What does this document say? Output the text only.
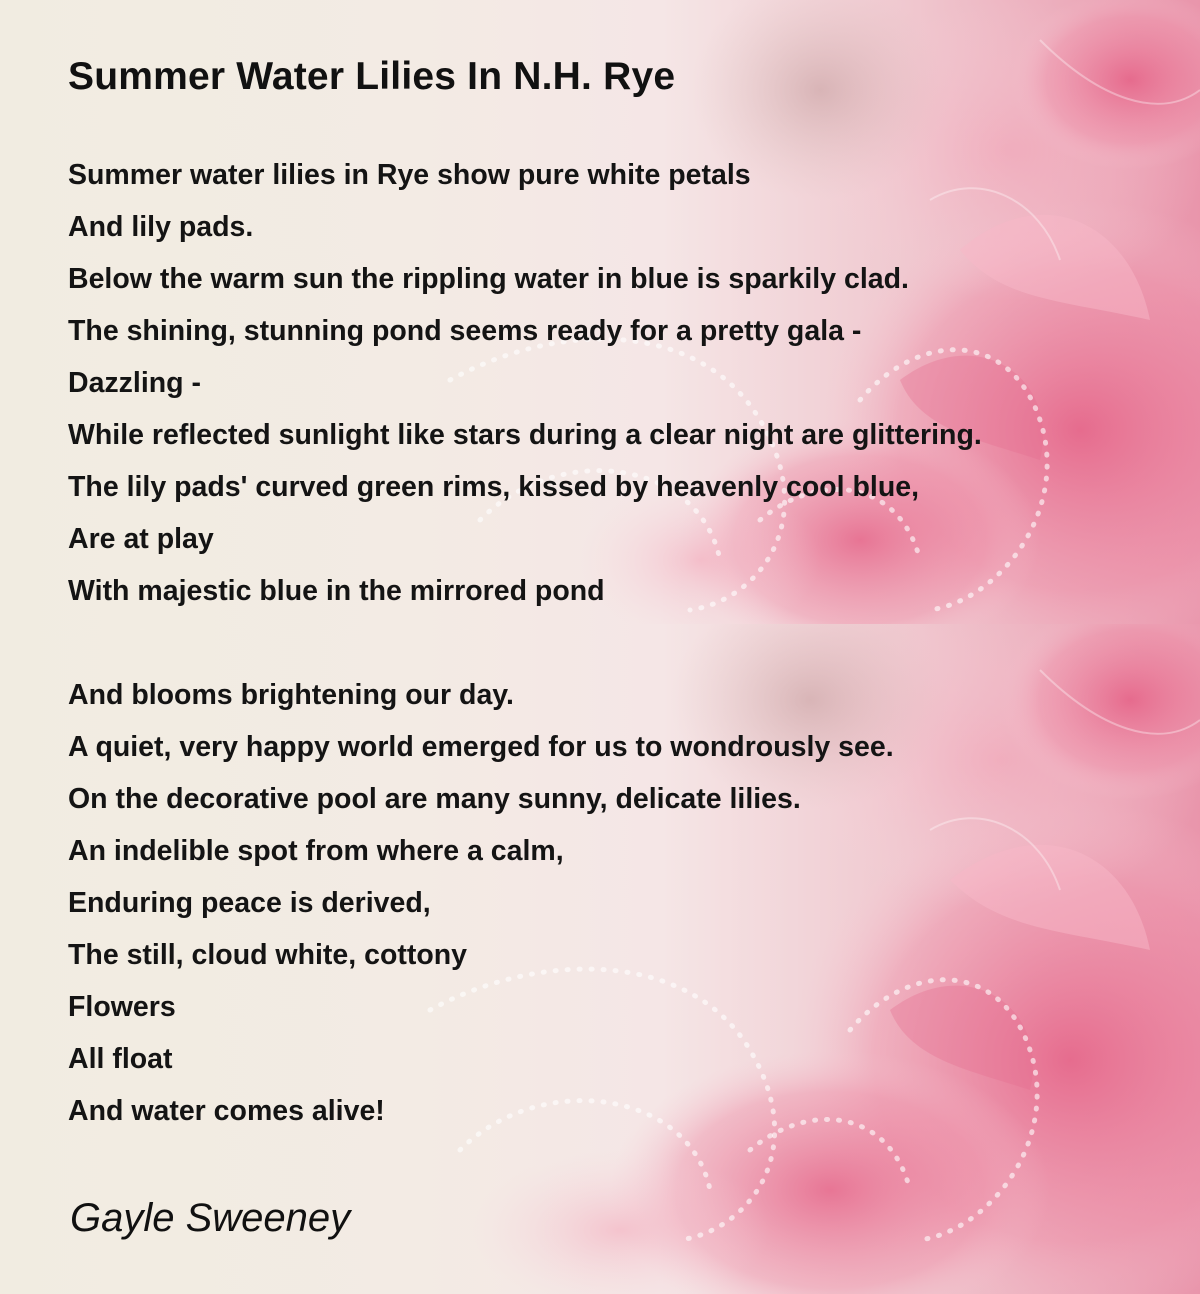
Summer Water Lilies In N.H. Rye
Summer water lilies in Rye show pure white petals
And lily pads.
Below the warm sun the rippling water in blue is sparkily clad.
The shining, stunning pond seems ready for a pretty gala -
Dazzling -
While reflected sunlight like stars during a clear night are glittering.
The lily pads' curved green rims, kissed by heavenly cool blue,
Are at play
With majestic blue in the mirrored pond
And blooms brightening our day.
A quiet, very happy world emerged for us to wondrously see.
On the decorative pool are many sunny, delicate lilies.
An indelible spot from where a calm,
Enduring peace is derived,
The still, cloud white, cottony
Flowers
All float
And water comes alive!
Gayle Sweeney
